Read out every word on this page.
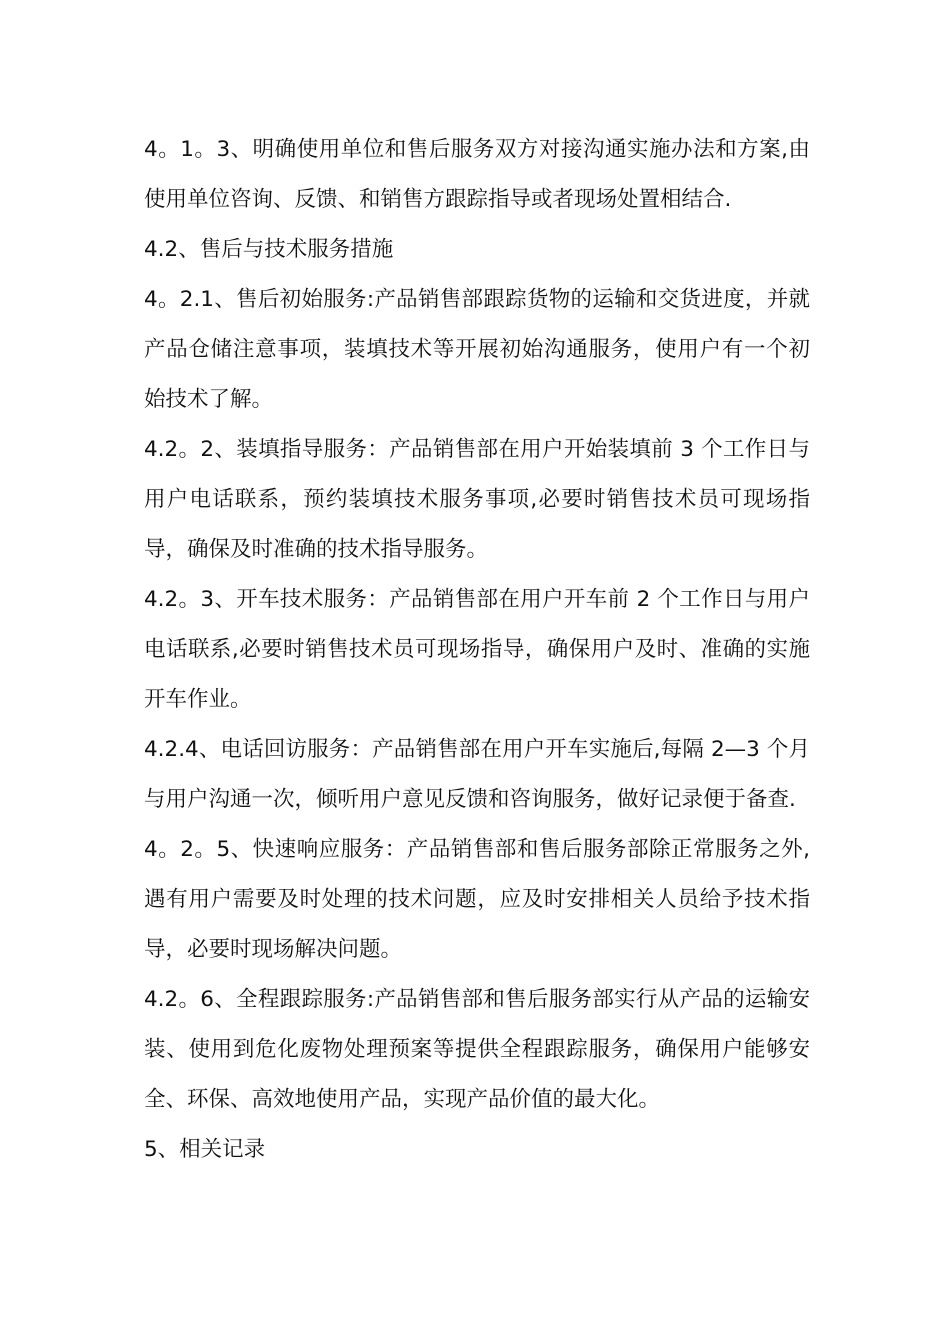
4。1。3、明确使用单位和售后服务双方对接沟通实施办法和方案,由使用单位咨询、反馈、和销售方跟踪指导或者现场处置相结合.

4.2、售后与技术服务措施

4。2.1、售后初始服务:产品销售部跟踪货物的运输和交货进度，并就产品仓储注意事项，装填技术等开展初始沟通服务，使用户有一个初始技术了解。

4.2。2、装填指导服务：产品销售部在用户开始装填前 3 个工作日与用户电话联系，预约装填技术服务事项,必要时销售技术员可现场指导，确保及时准确的技术指导服务。

4.2。3、开车技术服务：产品销售部在用户开车前 2 个工作日与用户电话联系,必要时销售技术员可现场指导，确保用户及时、准确的实施开车作业。

4.2.4、电话回访服务：产品销售部在用户开车实施后,每隔 2—3 个月与用户沟通一次，倾听用户意见反馈和咨询服务，做好记录便于备查.

4。2。5、快速响应服务：产品销售部和售后服务部除正常服务之外,遇有用户需要及时处理的技术问题，应及时安排相关人员给予技术指导，必要时现场解决问题。

4.2。6、全程跟踪服务:产品销售部和售后服务部实行从产品的运输安装、使用到危化废物处理预案等提供全程跟踪服务，确保用户能够安全、环保、高效地使用产品，实现产品价值的最大化。

5、相关记录
